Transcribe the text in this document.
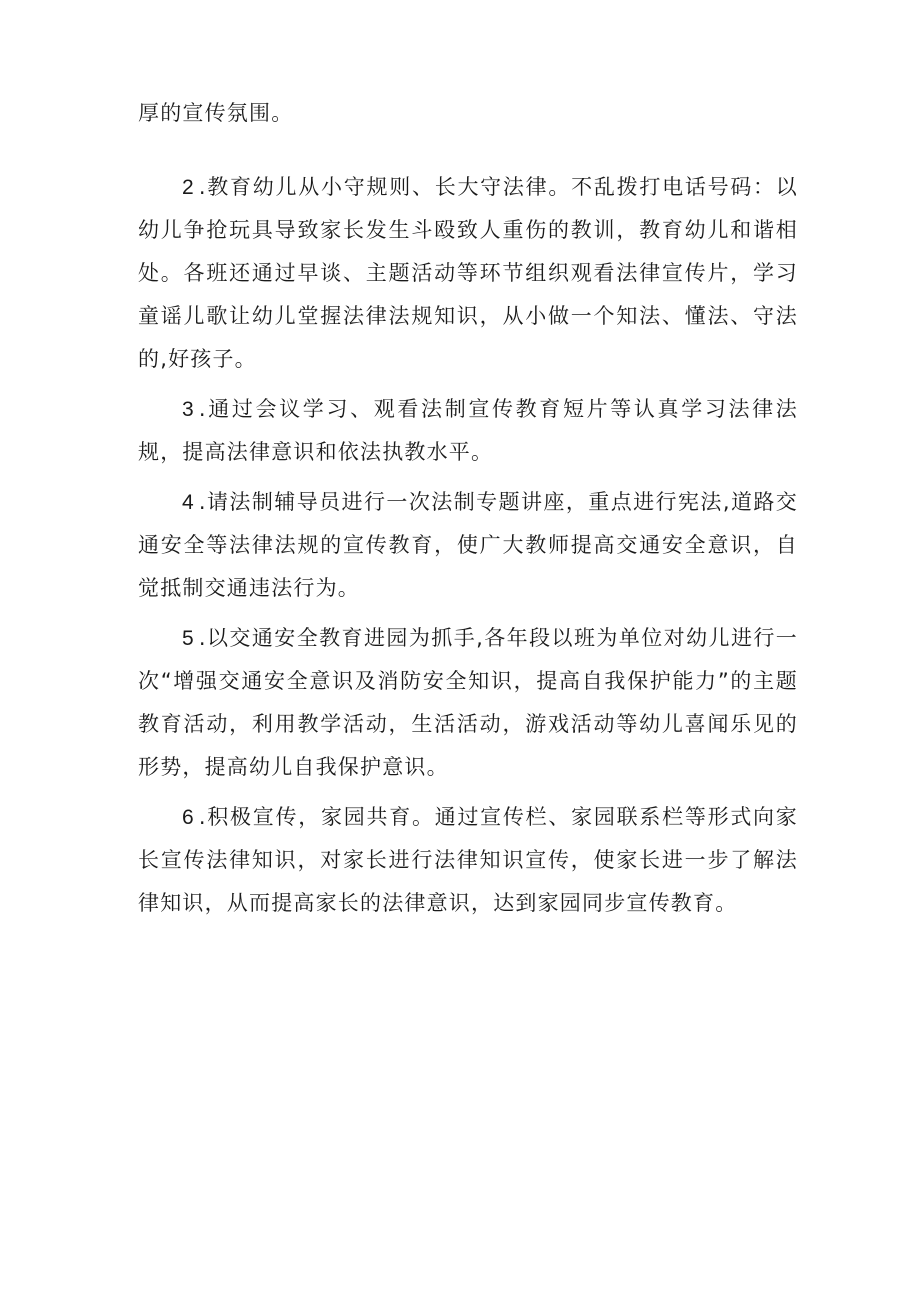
厚的宣传氛围。

2 .教育幼儿从小守规则、长大守法律。不乱拨打电话号码：以幼儿争抢玩具导致家长发生斗殴致人重伤的教训，教育幼儿和谐相处。各班还通过早谈、主题活动等环节组织观看法律宣传片，学习童谣儿歌让幼儿堂握法律法规知识，从小做一个知法、懂法、守法的,好孩子。

3 .通过会议学习、观看法制宣传教育短片等认真学习法律法规，提高法律意识和依法执教水平。

4 .请法制辅导员进行一次法制专题讲座，重点进行宪法,道路交通安全等法律法规的宣传教育，使广大教师提高交通安全意识，自觉抵制交通违法行为。

5 .以交通安全教育进园为抓手,各年段以班为单位对幼儿进行一次“增强交通安全意识及消防安全知识，提高自我保护能力”的主题教育活动，利用教学活动，生活活动，游戏活动等幼儿喜闻乐见的形势，提高幼儿自我保护意识。

6 .积极宣传，家园共育。通过宣传栏、家园联系栏等形式向家长宣传法律知识，对家长进行法律知识宣传，使家长进一步了解法律知识，从而提高家长的法律意识，达到家园同步宣传教育。
